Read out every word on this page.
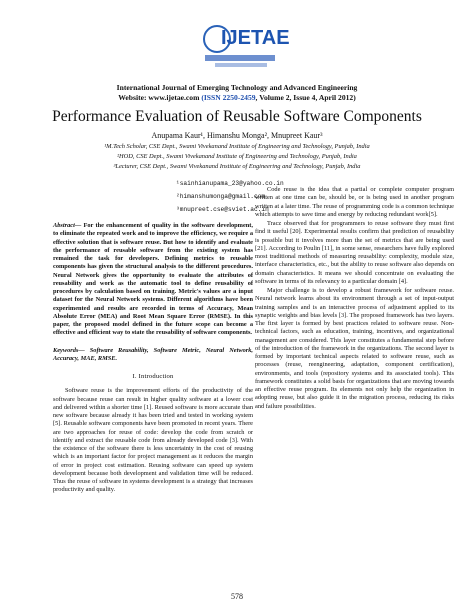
IJETAE
International Journal of Emerging Technology and Advanced Engineering
Website: www.ijetae.com (ISSN 2250-2459, Volume 2, Issue 4, April 2012)
Performance Evaluation of Reusable Software Components
Anupama Kaur¹, Himanshu Monga², Mnupreet Kaur³
¹M.Tech Scholar, CSE Dept., Swami Vivekanand Institute of Engineering and Technology, Punjab, India
²HOD, CSE Dept., Swami Vivekanand Institute of Engineering and Technology, Punjab, India
³Lecturer, CSE Dept., Swami Vivekanand Institute of Engineering and Technology, Punjab, India
¹sainhianupama_23@yahoo.co.in
²himanshumonga@gmail.com
³mnupreet.cse@sviet.ac.in
Abstract— For the enhancement of quality in the software development, to eliminate the repeated work and to improve the efficiency, we require a effective solution that is software reuse. But how to identify and evaluate the performance of reusable software from the existing system has remained the task for developers. Defining metrics to reusable components has given the structural analysis to the different procedures. Neural Network gives the opportunity to evaluate the attributes of reusability and work as the automatic tool to define reusability of procedures by calculation based on training. Metric's values are a input dataset for the Neural Network systems. Different algorithms have been experimented and results are recorded in terms of Accuracy, Mean Absolute Error (MEA) and Root Mean Square Error (RMSE). In this paper, the proposed model defined in the future scope can become a effective and efficient way to state the reusability of software components.
Keywords— Software Reusability, Software Metric, Neural Network, Accuracy, MAE, RMSE.
I. Introduction

Software reuse is the improvement efforts of the productivity of the software because reuse can result in higher quality software at a lower cost and delivered within a shorter time [1]. Reused software is more accurate than new software because already it has been tried and tested in working system [5]. Reusable software components have been promoted in recent years. There are two approaches for reuse of code: develop the code from scratch or identify and extract the reusable code from already developed code [3]. With the existence of the software there is less uncertainty in the cost of reusing which is an important factor for project management as it reduces the margin of error in project cost estimation. Reusing software can speed up system development because both development and validation time will be reduced. Thus the reuse of software in systems development is a strategy that increases productivity and quality.

Code reuse is the idea that a partial or complete computer program written at one time can be, should be, or is being used in another program written at a later time. The reuse of programming code is a common technique which attempts to save time and energy by reducing redundant work[5].

Tracz observed that for programmers to reuse software they must first find it useful [20]. Experimental results confirm that prediction of reusability is possible but it involves more than the set of metrics that are being used [21]. According to Poulin [11], in some sense, researchers have fully explored most traditional methods of measuring reusability: complexity, module size, interface characteristics, etc., but the ability to reuse software also depends on domain characteristics. It means we should concentrate on evaluating the software in terms of its relevancy to a particular domain [4].

Major challenge is to develop a robust framework for software reuse. Neural network learns about its environment through a set of input-output training samples and is an interactive process of adjustment applied to its synaptic weights and bias levels [3]. The proposed framework has two layers. The first layer is formed by best practices related to software reuse. Non-technical factors, such as education, training, incentives, and organizational management are considered. This layer constitutes a fundamental step before of the introduction of the framework in the organizations. The second layer is formed by important technical aspects related to software reuse, such as processes (reuse, reengineering, adaptation, component certification), environments, and tools (repository systems and its associated tools). This framework constitutes a solid basis for organizations that are moving towards an effective reuse program. Its elements not only help the organization in adopting reuse, but also guide it in the migration process, reducing its risks and failure possibilities.

578
